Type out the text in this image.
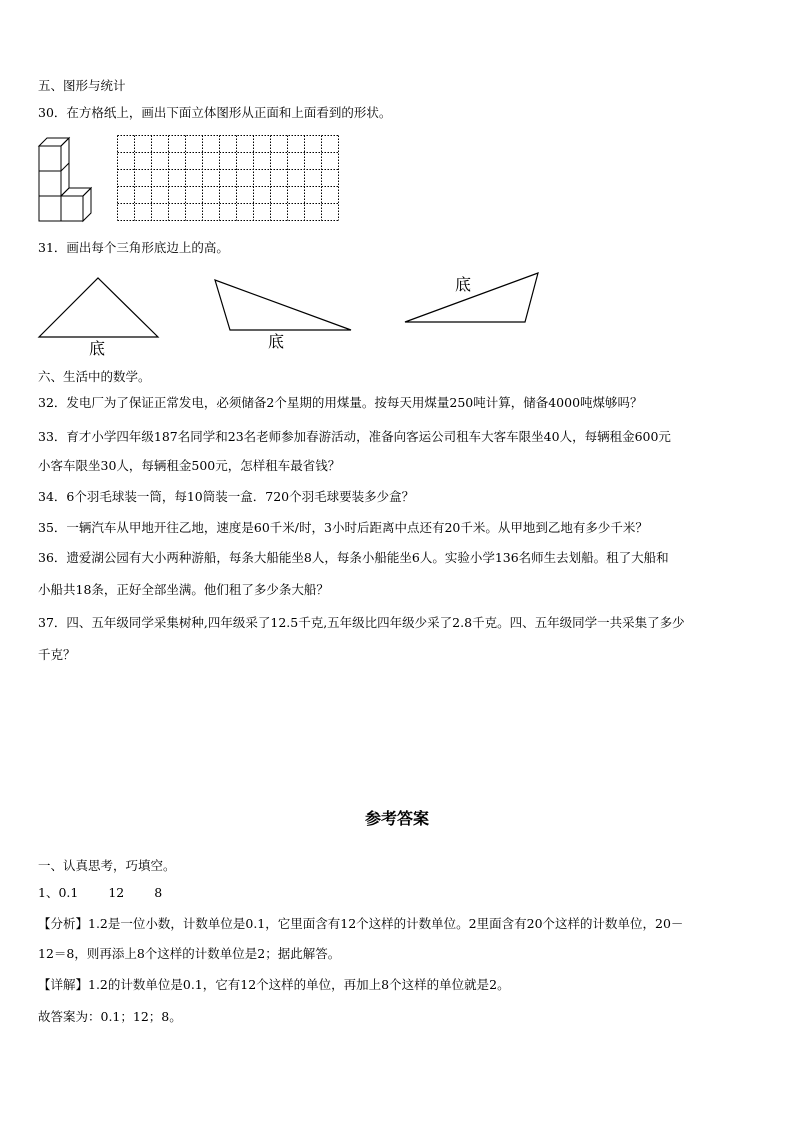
五、图形与统计

30．在方格纸上，画出下面立体图形从正面和上面看到的形状。

31．画出每个三角形底边上的高。

底	底
底

六、生活中的数学。

32．发电厂为了保证正常发电，必须储备2个星期的用煤量。按每天用煤量250吨计算，储备4000吨煤够吗？

33．育才小学四年级187名同学和23名老师参加春游活动，准备向客运公司租车大客车限坐40人，每辆租金600元

小客车限坐30人，每辆租金500元，怎样租车最省钱？

34．6个羽毛球装一筒，每10筒装一盒．720个羽毛球要装多少盒？

35．一辆汽车从甲地开往乙地，速度是60千米/时，3小时后距离中点还有20千米。从甲地到乙地有多少千米？

36．遗爱湖公园有大小两种游船，每条大船能坐8人，每条小船能坐6人。实验小学136名师生去划船。租了大船和

小船共18条，正好全部坐满。他们租了多少条大船？

37．四、五年级同学采集树种,四年级采了12.5千克,五年级比四年级少采了2.8千克。四、五年级同学一共采集了多少

千克？

参考答案

一、认真思考，巧填空。

1、0.1 12 8

【分析】1.2是一位小数，计数单位是0.1，它里面含有12个这样的计数单位。2里面含有20个这样的计数单位，20－

12＝8，则再添上8个这样的计数单位是2；据此解答。

【详解】1.2的计数单位是0.1，它有12个这样的单位，再加上8个这样的单位就是2。

故答案为：0.1；12；8。
